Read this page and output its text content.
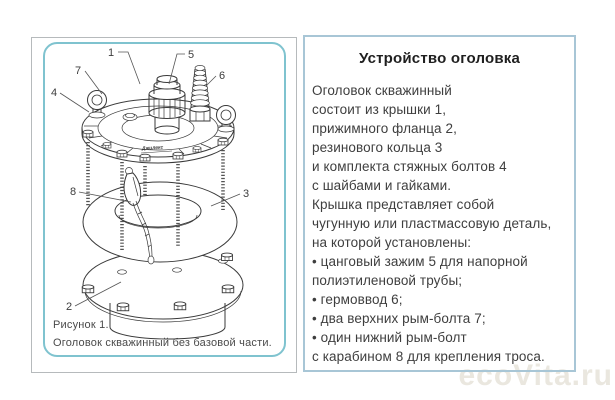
ecoVita.ru
Джилекс
1
7
4
5
6
8	3
2
Рисунок 1.
Оголовок скважинный без базовой части.
Устройство оголовка
Оголовок скважинный
состоит из крышки 1,
прижимного фланца 2,
резинового кольца 3
и комплекта стяжных болтов 4
с шайбами и гайками.
Крышка представляет собой
чугунную или пластмассовую деталь,
на которой установлены:
• цанговый зажим 5 для напорной
полиэтиленовой трубы;
• гермоввод 6;
• два верхних рым-болта 7;
• один нижний рым-болт
с карабином 8 для крепления троса.
